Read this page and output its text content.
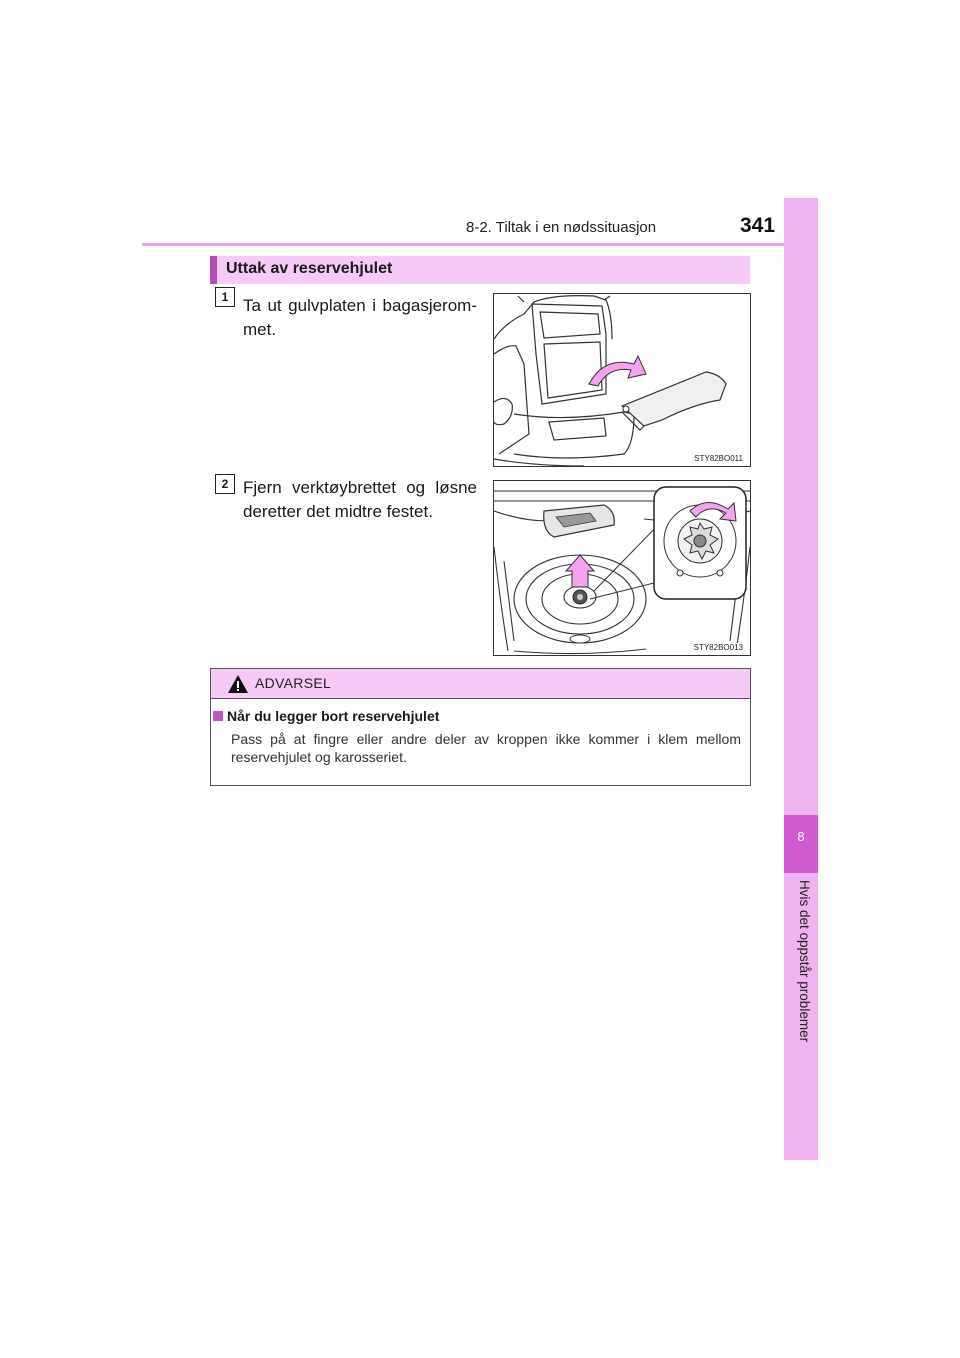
8-2. Tiltak i en nødssituasjon	341
8
Hvis det oppstår problemer
Uttak av reservehjulet
1 Ta ut gulvplaten i bagasjerom-met.
STY82BO011
2 Fjern verktøybrettet og løsne deretter det midtre festet.
STY82BO013
ADVARSEL
Når du legger bort reservehjulet
Pass på at fingre eller andre deler av kroppen ikke kommer i klem mellom reservehjulet og karosseriet.
